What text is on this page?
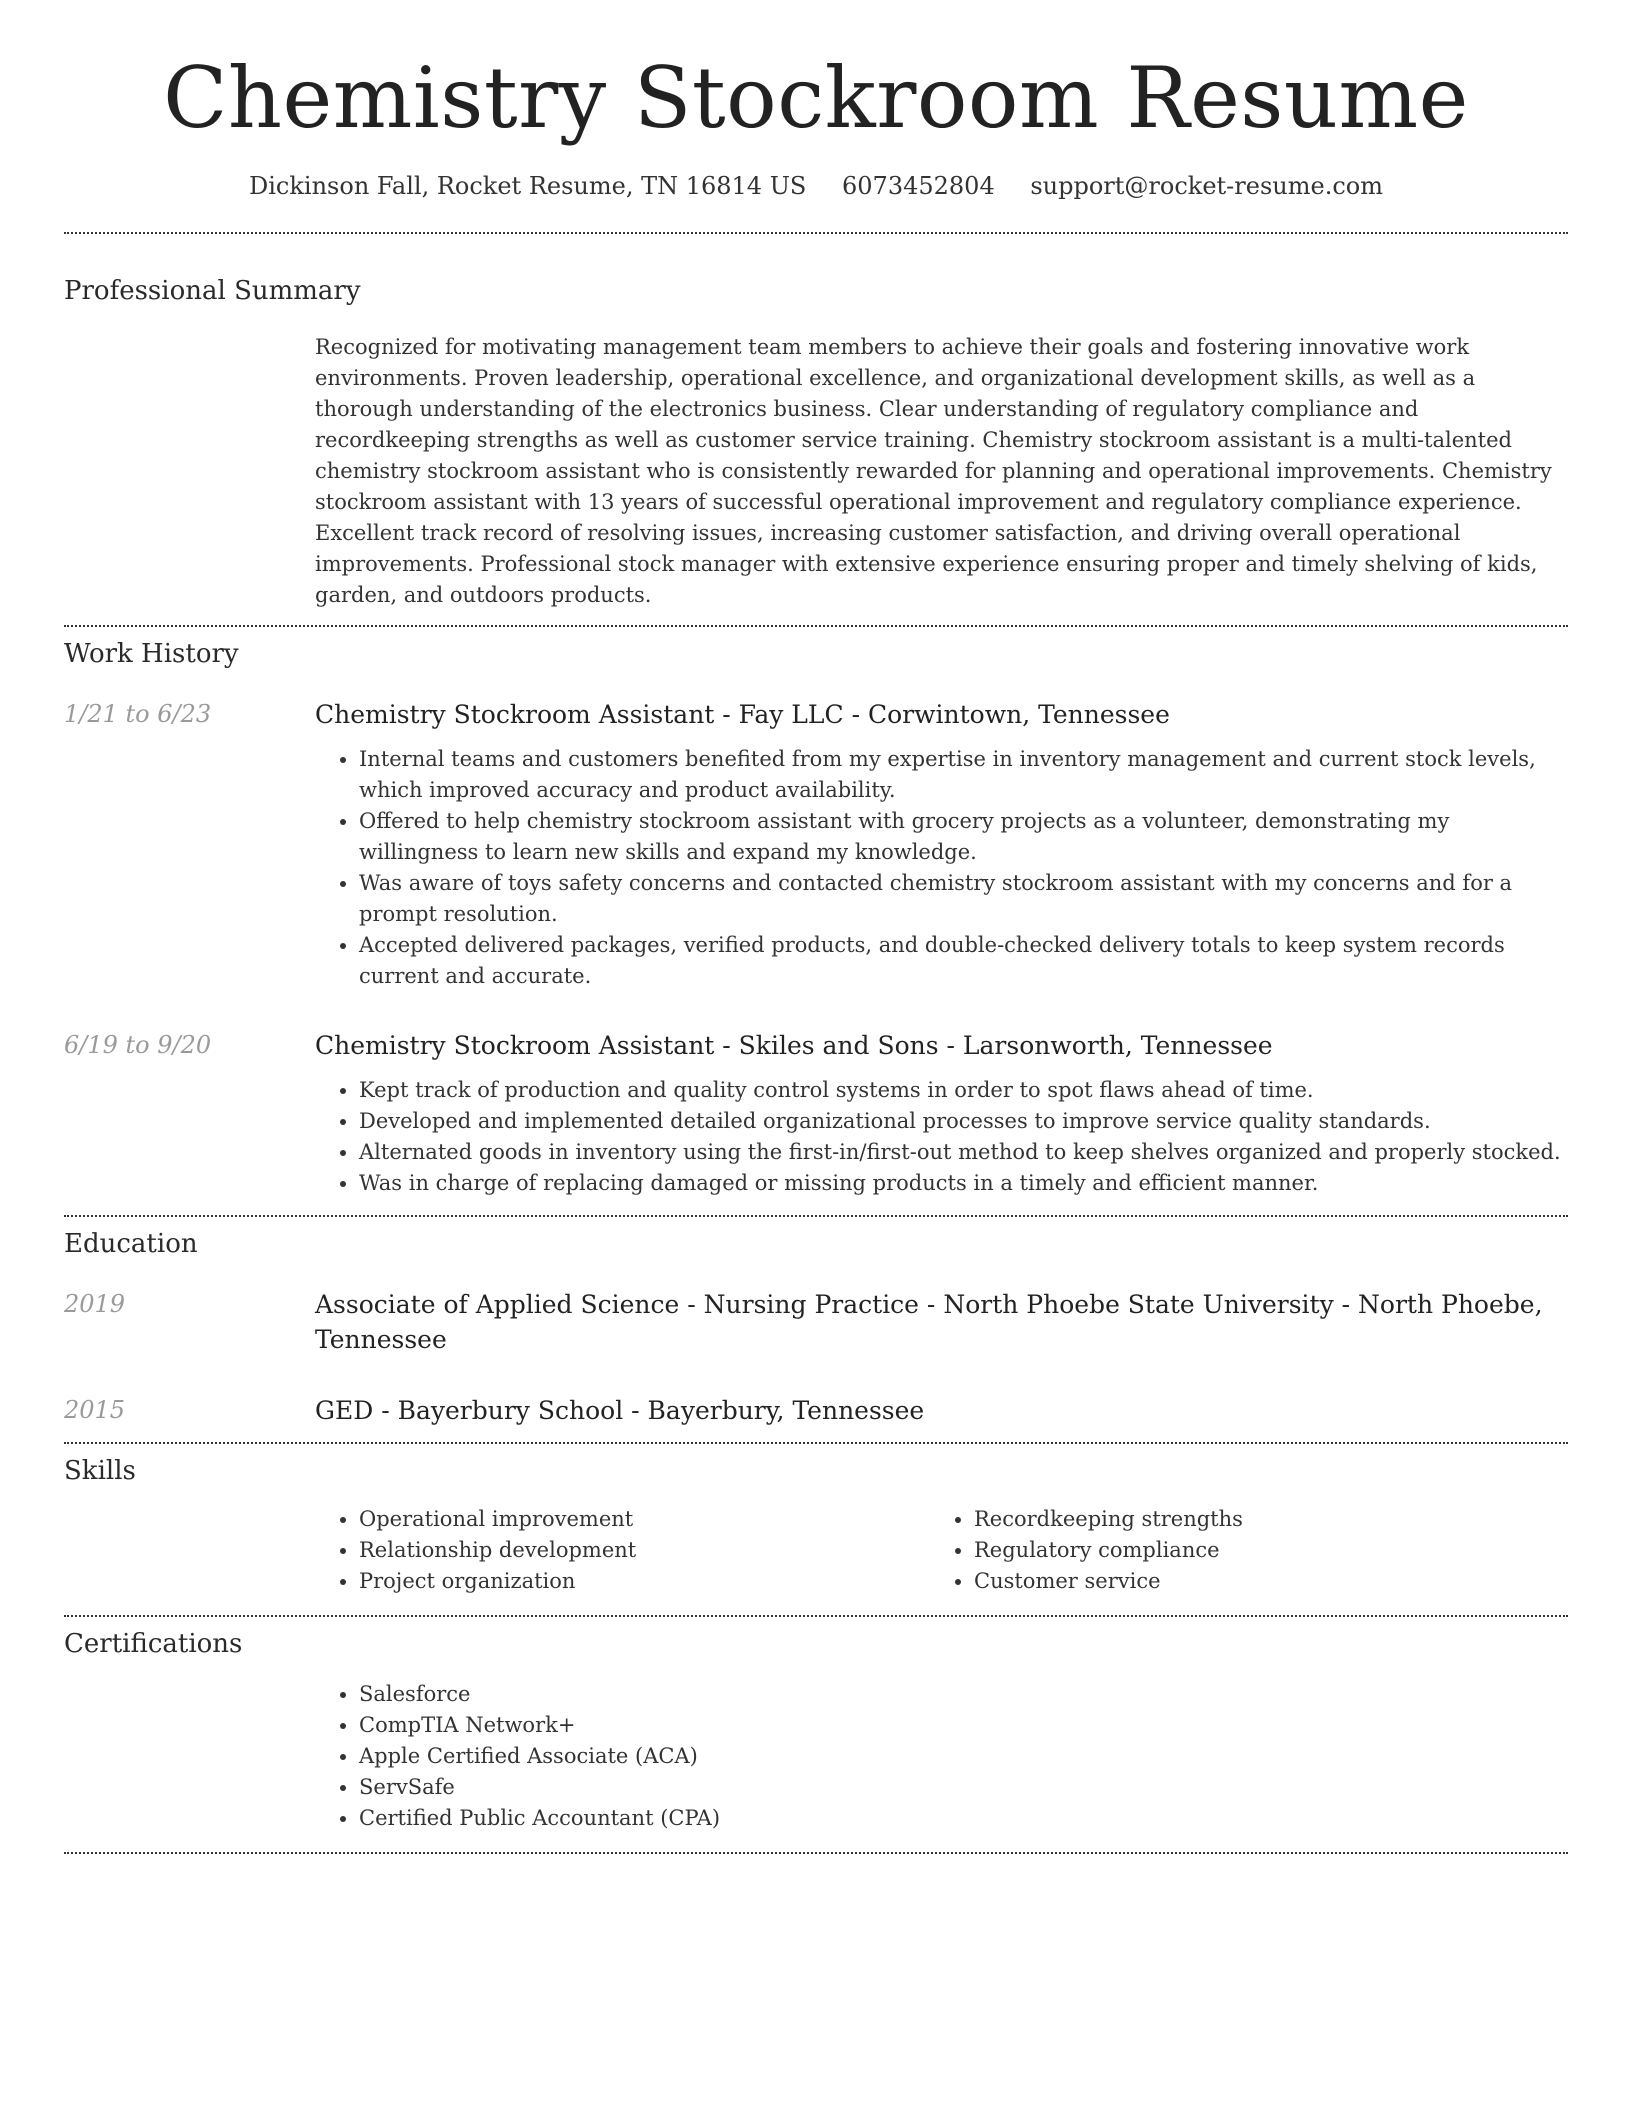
Chemistry Stockroom Resume
Dickinson Fall, Rocket Resume, TN 16814 US 6073452804 support@rocket-resume.com
Professional Summary
Recognized for motivating management team members to achieve their goals and fostering innovative work environments. Proven leadership, operational excellence, and organizational development skills, as well as a thorough understanding of the electronics business. Clear understanding of regulatory compliance and recordkeeping strengths as well as customer service training. Chemistry stockroom assistant is a multi-talented chemistry stockroom assistant who is consistently rewarded for planning and operational improvements. Chemistry stockroom assistant with 13 years of successful operational improvement and regulatory compliance experience. Excellent track record of resolving issues, increasing customer satisfaction, and driving overall operational improvements. Professional stock manager with extensive experience ensuring proper and timely shelving of kids, garden, and outdoors products.
Work History
1/21 to 6/23	Chemistry Stockroom Assistant - Fay LLC - Corwintown, Tennessee
• Internal teams and customers benefited from my expertise in inventory management and current stock levels, which improved accuracy and product availability.
• Offered to help chemistry stockroom assistant with grocery projects as a volunteer, demonstrating my willingness to learn new skills and expand my knowledge.
• Was aware of toys safety concerns and contacted chemistry stockroom assistant with my concerns and for a prompt resolution.
• Accepted delivered packages, verified products, and double-checked delivery totals to keep system records current and accurate.
6/19 to 9/20	Chemistry Stockroom Assistant - Skiles and Sons - Larsonworth, Tennessee
• Kept track of production and quality control systems in order to spot flaws ahead of time.
• Developed and implemented detailed organizational processes to improve service quality standards.
• Alternated goods in inventory using the first-in/first-out method to keep shelves organized and properly stocked.
• Was in charge of replacing damaged or missing products in a timely and efficient manner.
Education
2019	Associate of Applied Science - Nursing Practice - North Phoebe State University - North Phoebe, Tennessee
2015	GED - Bayerbury School - Bayerbury, Tennessee
Skills
• Operational improvement
• Relationship development
• Project organization
• Recordkeeping strengths
• Regulatory compliance
• Customer service
Certifications
• Salesforce
• CompTIA Network+
• Apple Certified Associate (ACA)
• ServSafe
• Certified Public Accountant (CPA)
